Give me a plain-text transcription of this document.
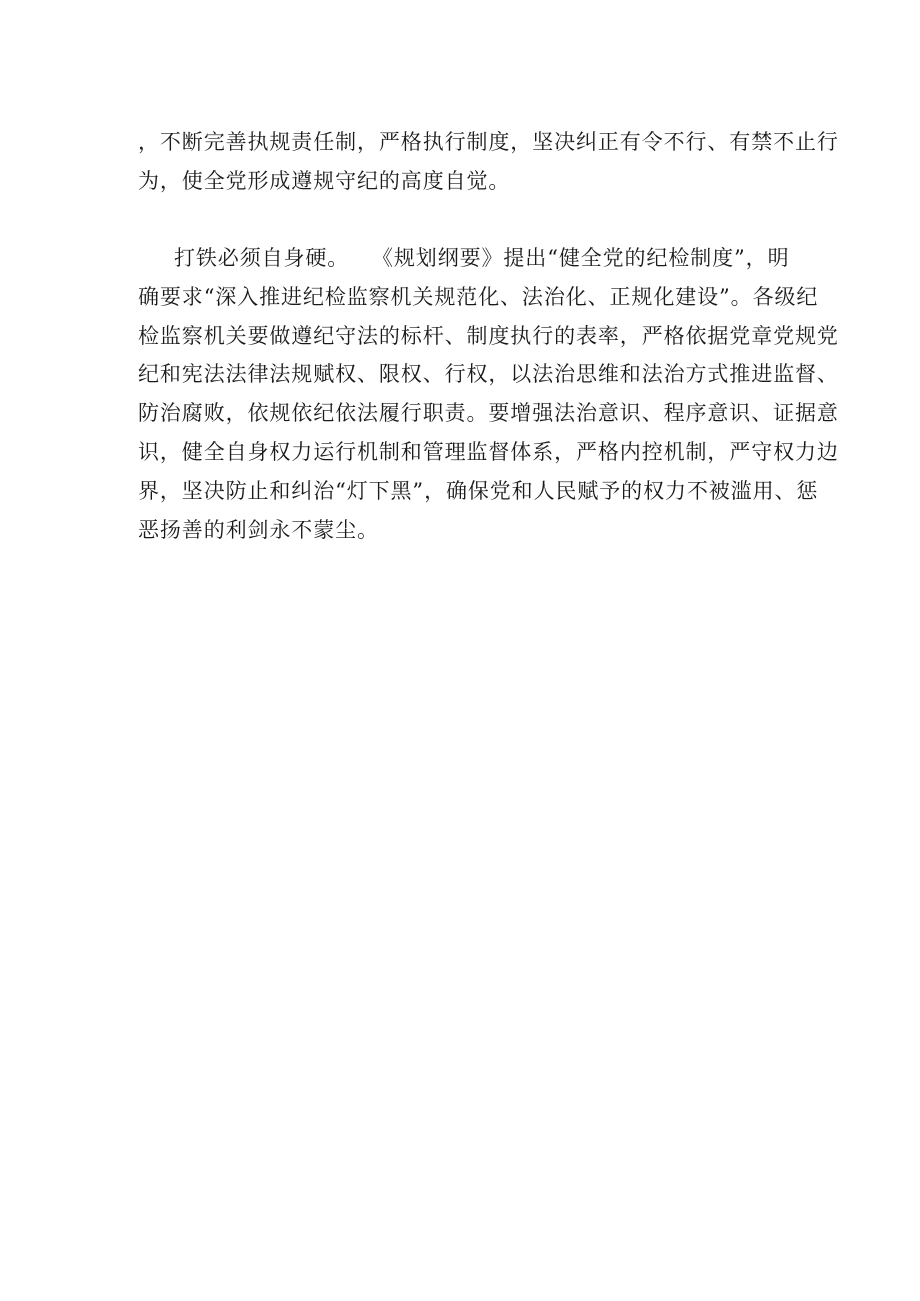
，不断完善执规责任制，严格执行制度，坚决纠正有令不行、有禁不止行
为，使全党形成遵规守纪的高度自觉。
打铁必须自身硬。　　《规划纲要》提出“健全党的纪检制度”，明
确要求“深入推进纪检监察机关规范化、法治化、正规化建设”。各级纪
检监察机关要做遵纪守法的标杆、制度执行的表率，严格依据党章党规党
纪和宪法法律法规赋权、限权、行权，以法治思维和法治方式推进监督、
防治腐败，依规依纪依法履行职责。要增强法治意识、程序意识、证据意
识，健全自身权力运行机制和管理监督体系，严格内控机制，严守权力边
界，坚决防止和纠治“灯下黑”，确保党和人民赋予的权力不被滥用、惩
恶扬善的利剑永不蒙尘。
